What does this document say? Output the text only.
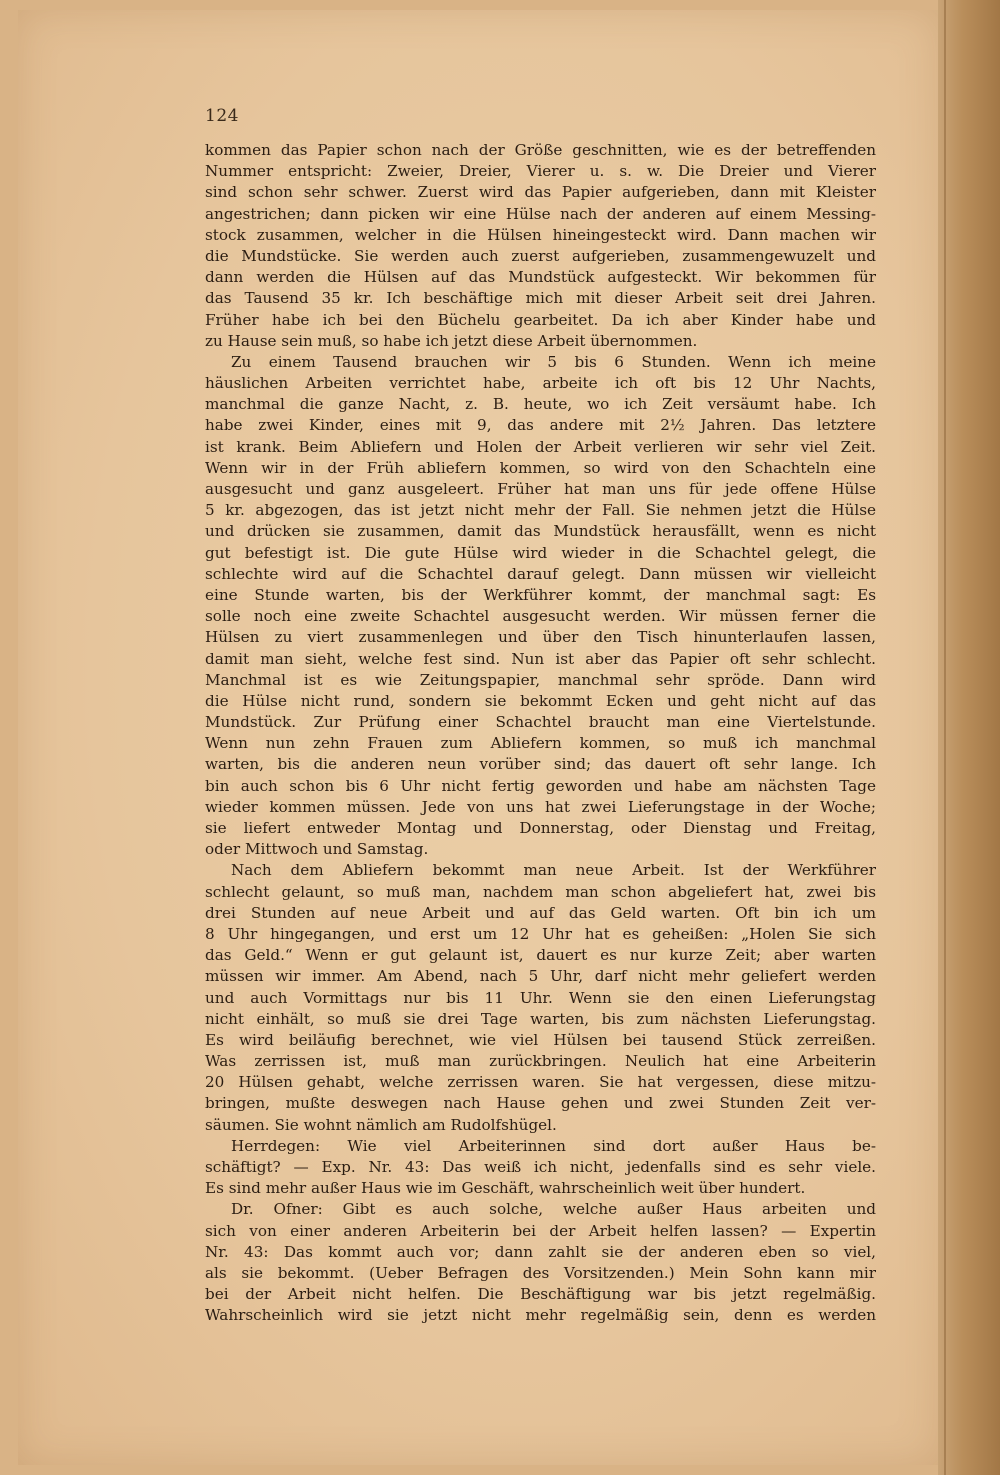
124
kommen das Papier schon nach der Größe geschnitten, wie es der betreffenden
Nummer entspricht: Zweier, Dreier, Vierer u. s. w. Die Dreier und Vierer
sind schon sehr schwer. Zuerst wird das Papier aufgerieben, dann mit Kleister
angestrichen; dann picken wir eine Hülse nach der anderen auf einem Messing-
stock zusammen, welcher in die Hülsen hineingesteckt wird. Dann machen wir
die Mundstücke. Sie werden auch zuerst aufgerieben, zusammengewuzelt und
dann werden die Hülsen auf das Mundstück aufgesteckt. Wir bekommen für
das Tausend 35 kr. Ich beschäftige mich mit dieser Arbeit seit drei Jahren.
Früher habe ich bei den Büchelu gearbeitet. Da ich aber Kinder habe und
zu Hause sein muß, so habe ich jetzt diese Arbeit übernommen.
Zu einem Tausend brauchen wir 5 bis 6 Stunden. Wenn ich meine
häuslichen Arbeiten verrichtet habe, arbeite ich oft bis 12 Uhr Nachts,
manchmal die ganze Nacht, z. B. heute, wo ich Zeit versäumt habe. Ich
habe zwei Kinder, eines mit 9, das andere mit 2½ Jahren. Das letztere
ist krank. Beim Abliefern und Holen der Arbeit verlieren wir sehr viel Zeit.
Wenn wir in der Früh abliefern kommen, so wird von den Schachteln eine
ausgesucht und ganz ausgeleert. Früher hat man uns für jede offene Hülse
5 kr. abgezogen, das ist jetzt nicht mehr der Fall. Sie nehmen jetzt die Hülse
und drücken sie zusammen, damit das Mundstück herausfällt, wenn es nicht
gut befestigt ist. Die gute Hülse wird wieder in die Schachtel gelegt, die
schlechte wird auf die Schachtel darauf gelegt. Dann müssen wir vielleicht
eine Stunde warten, bis der Werkführer kommt, der manchmal sagt: Es
solle noch eine zweite Schachtel ausgesucht werden. Wir müssen ferner die
Hülsen zu viert zusammenlegen und über den Tisch hinunterlaufen lassen,
damit man sieht, welche fest sind. Nun ist aber das Papier oft sehr schlecht.
Manchmal ist es wie Zeitungspapier, manchmal sehr spröde. Dann wird
die Hülse nicht rund, sondern sie bekommt Ecken und geht nicht auf das
Mundstück. Zur Prüfung einer Schachtel braucht man eine Viertelstunde.
Wenn nun zehn Frauen zum Abliefern kommen, so muß ich manchmal
warten, bis die anderen neun vorüber sind; das dauert oft sehr lange. Ich
bin auch schon bis 6 Uhr nicht fertig geworden und habe am nächsten Tage
wieder kommen müssen. Jede von uns hat zwei Lieferungstage in der Woche;
sie liefert entweder Montag und Donnerstag, oder Dienstag und Freitag,
oder Mittwoch und Samstag.
Nach dem Abliefern bekommt man neue Arbeit. Ist der Werkführer
schlecht gelaunt, so muß man, nachdem man schon abgeliefert hat, zwei bis
drei Stunden auf neue Arbeit und auf das Geld warten. Oft bin ich um
8 Uhr hingegangen, und erst um 12 Uhr hat es geheißen: „Holen Sie sich
das Geld.“ Wenn er gut gelaunt ist, dauert es nur kurze Zeit; aber warten
müssen wir immer. Am Abend, nach 5 Uhr, darf nicht mehr geliefert werden
und auch Vormittags nur bis 11 Uhr. Wenn sie den einen Lieferungstag
nicht einhält, so muß sie drei Tage warten, bis zum nächsten Lieferungstag.
Es wird beiläufig berechnet, wie viel Hülsen bei tausend Stück zerreißen.
Was zerrissen ist, muß man zurückbringen. Neulich hat eine Arbeiterin
20 Hülsen gehabt, welche zerrissen waren. Sie hat vergessen, diese mitzu-
bringen, mußte deswegen nach Hause gehen und zwei Stunden Zeit ver-
säumen. Sie wohnt nämlich am Rudolfshügel.
Herrdegen: Wie viel Arbeiterinnen sind dort außer Haus be-
schäftigt? — Exp. Nr. 43: Das weiß ich nicht, jedenfalls sind es sehr viele.
Es sind mehr außer Haus wie im Geschäft, wahrscheinlich weit über hundert.
Dr. Ofner: Gibt es auch solche, welche außer Haus arbeiten und
sich von einer anderen Arbeiterin bei der Arbeit helfen lassen? — Expertin
Nr. 43: Das kommt auch vor; dann zahlt sie der anderen eben so viel,
als sie bekommt. (Ueber Befragen des Vorsitzenden.) Mein Sohn kann mir
bei der Arbeit nicht helfen. Die Beschäftigung war bis jetzt regelmäßig.
Wahrscheinlich wird sie jetzt nicht mehr regelmäßig sein, denn es werden
